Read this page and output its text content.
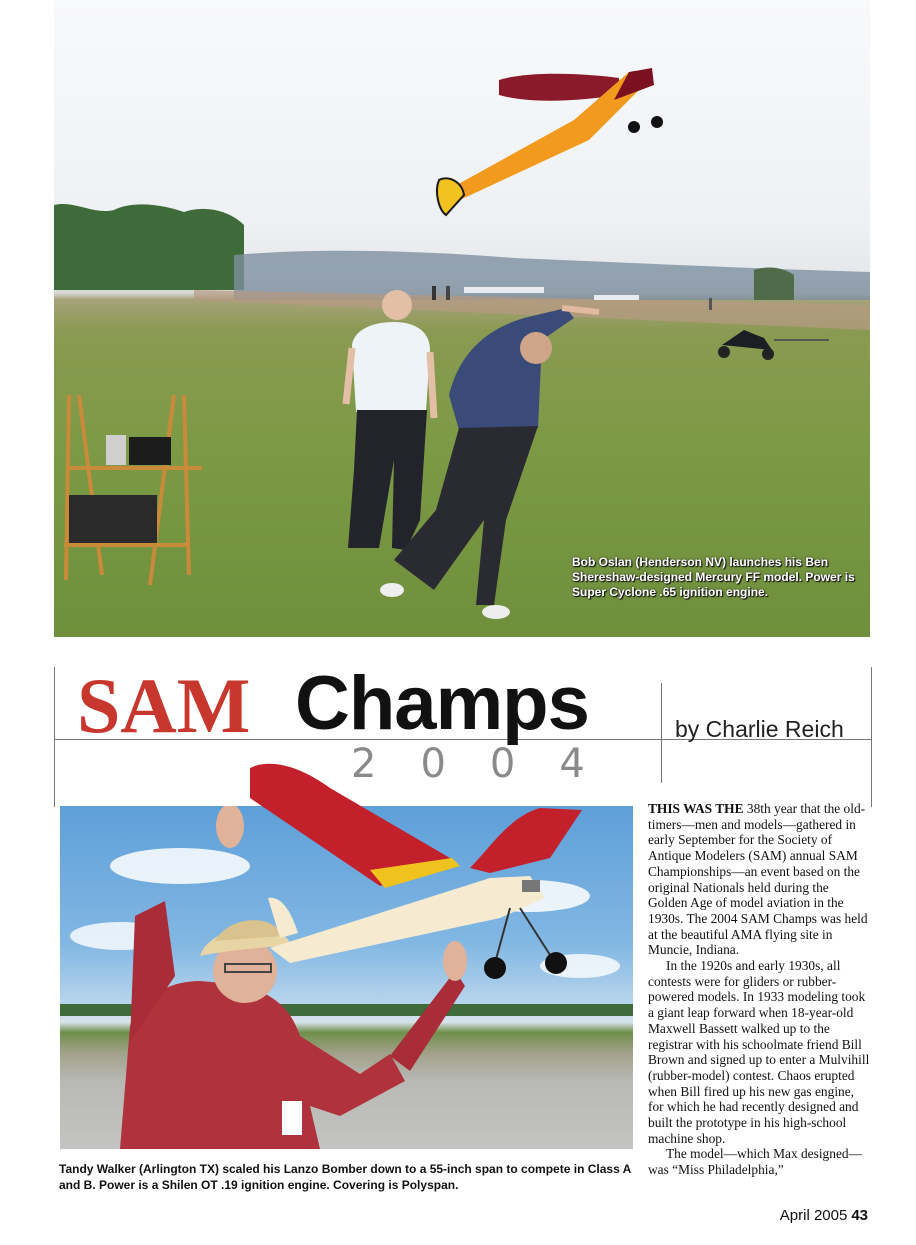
Bob Oslan (Henderson NV) launches his Ben Shereshaw-designed Mercury FF model. Power is Super Cyclone .65 ignition engine.
SAM Champs
2004
by Charlie Reich
Tandy Walker (Arlington TX) scaled his Lanzo Bomber down to a 55-inch span to compete in Class A and B. Power is a Shilen OT .19 ignition engine. Covering is Polyspan.

THIS WAS THE 38th year that the old-timers—men and models—gathered in early September for the Society of Antique Modelers (SAM) annual SAM Championships—an event based on the original Nationals held during the Golden Age of model aviation in the 1930s. The 2004 SAM Champs was held at the beautiful AMA flying site in Muncie, Indiana.

In the 1920s and early 1930s, all contests were for gliders or rubber-powered models. In 1933 modeling took a giant leap forward when 18-year-old Maxwell Bassett walked up to the registrar with his schoolmate friend Bill Brown and signed up to enter a Mulvihill (rubber-model) contest. Chaos erupted when Bill fired up his new gas engine, for which he had recently designed and built the prototype in his high-school machine shop.

The model—which Max designed—was “Miss Philadelphia,”

April 2005 43
